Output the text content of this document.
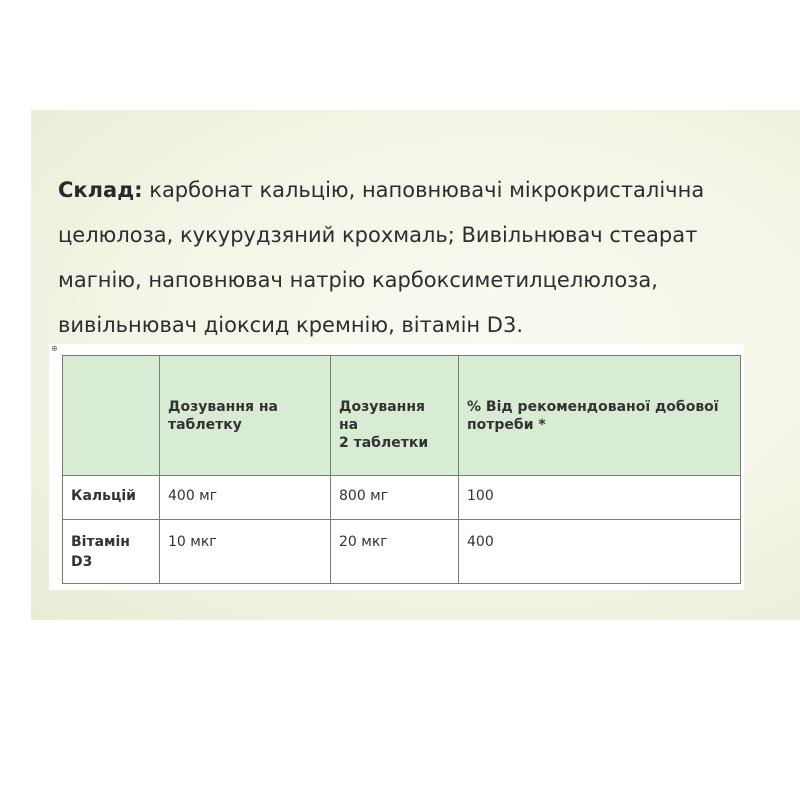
Склад: карбонат кальцію, наповнювачі мікрокристалічна
целюлоза, кукурудзяний крохмаль; Вивільнювач стеарат
магнію, наповнювач натрію карбоксиметилцелюлоза,
вивільнювач діоксид кремнію, вітамін D3.
⊕
	Дозування на таблетку	Дозування
на
2 таблетки	% Від рекомендованої добової потреби *
Кальцій	400 мг	800 мг	100
Вітамін D3	10 мкг	20 мкг	400
